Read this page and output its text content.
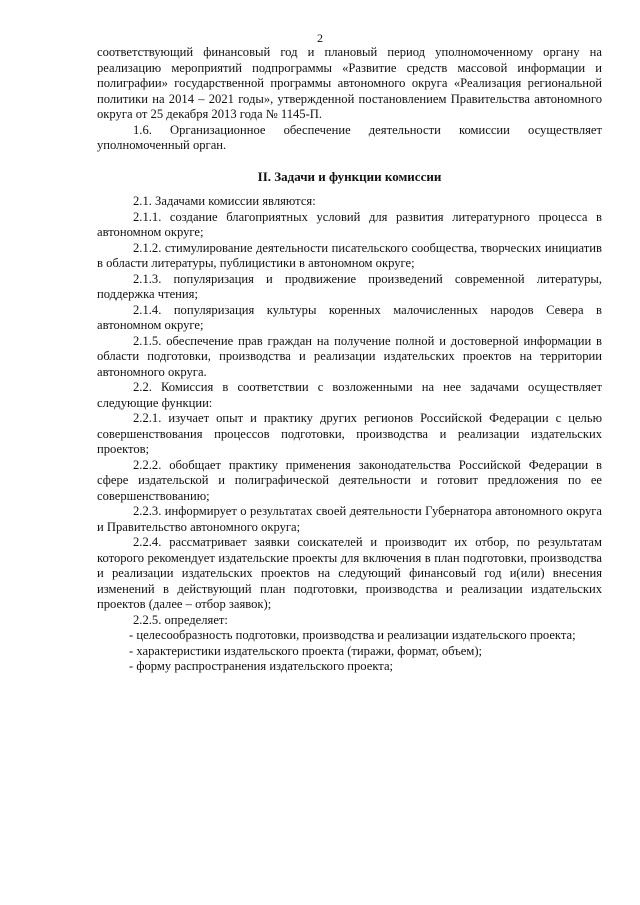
2

соответствующий финансовый год и плановый период уполномоченному органу на реализацию мероприятий подпрограммы «Развитие средств массовой информации и полиграфии» государственной программы автономного округа «Реализация региональной политики на 2014 – 2021 годы», утвержденной постановлением Правительства автономного округа от 25 декабря 2013 года № 1145-П.

1.6. Организационное обеспечение деятельности комиссии осуществляет уполномоченный орган.

II. Задачи и функции комиссии

2.1. Задачами комиссии являются:

2.1.1. создание благоприятных условий для развития литературного процесса в автономном округе;

2.1.2. стимулирование деятельности писательского сообщества, творческих инициатив в области литературы, публицистики в автономном округе;

2.1.3. популяризация и продвижение произведений современной литературы, поддержка чтения;

2.1.4. популяризация культуры коренных малочисленных народов Севера в автономном округе;

2.1.5. обеспечение прав граждан на получение полной и достоверной информации в области подготовки, производства и реализации издательских проектов на территории автономного округа.

2.2. Комиссия в соответствии с возложенными на нее задачами осуществляет следующие функции:

2.2.1. изучает опыт и практику других регионов Российской Федерации с целью совершенствования процессов подготовки, производства и реализации издательских проектов;

2.2.2. обобщает практику применения законодательства Российской Федерации в сфере издательской и полиграфической деятельности и готовит предложения по ее совершенствованию;

2.2.3. информирует о результатах своей деятельности Губернатора автономного округа и Правительство автономного округа;

2.2.4. рассматривает заявки соискателей и производит их отбор, по результатам которого рекомендует издательские проекты для включения в план подготовки, производства и реализации издательских проектов на следующий финансовый год и(или) внесения изменений в действующий план подготовки, производства и реализации издательских проектов (далее – отбор заявок);

2.2.5. определяет:

- целесообразность подготовки, производства и реализации издательского проекта;

- характеристики издательского проекта (тиражи, формат, объем);

- форму распространения издательского проекта;
